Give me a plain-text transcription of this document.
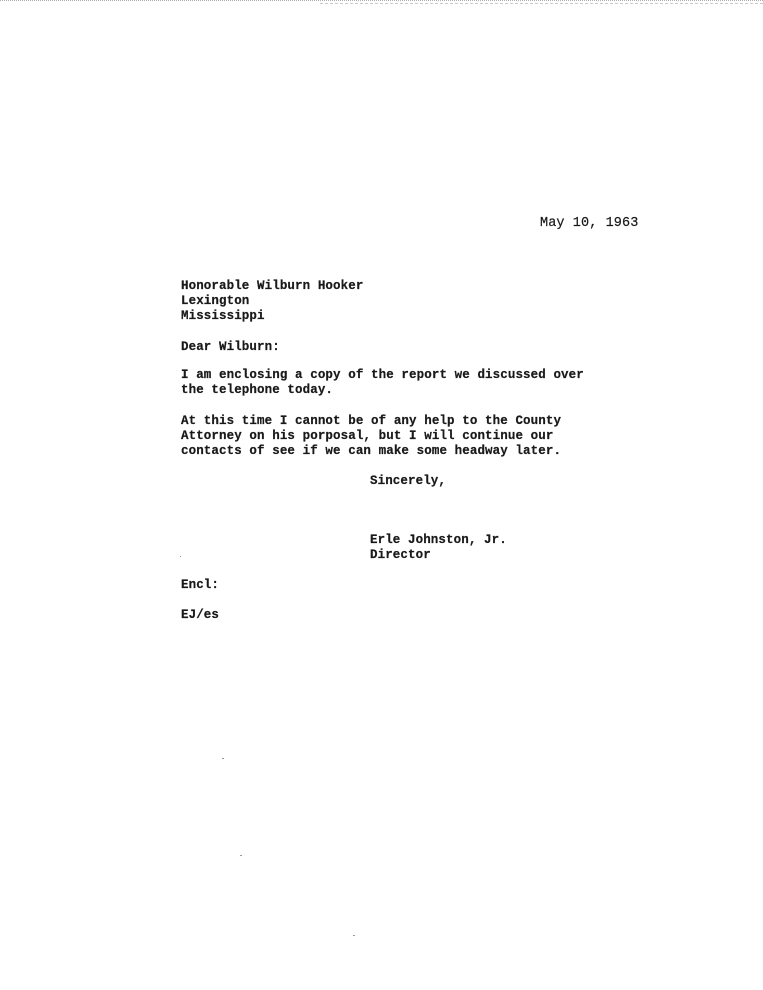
May 10, 1963
Honorable Wilburn Hooker
Lexington
Mississippi
Dear Wilburn:
I am enclosing a copy of the report we discussed over
the telephone today.
At this time I cannot be of any help to the County
Attorney on his porposal, but I will continue our
contacts of see if we can make some headway later.
Sincerely,
Erle Johnston, Jr.
Director
Encl:
EJ/es
